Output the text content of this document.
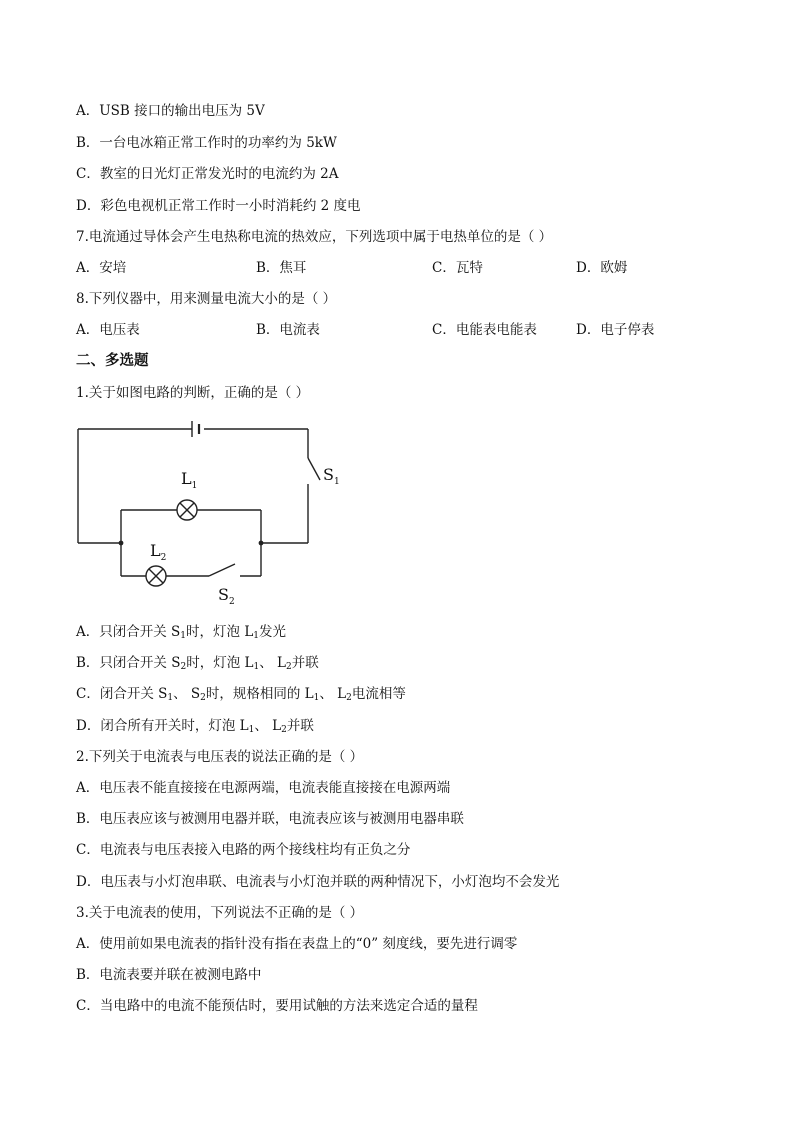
A．USB 接口的输出电压为 5V
B．一台电冰箱正常工作时的功率约为 5kW
C．教室的日光灯正常发光时的电流约为 2A
D．彩色电视机正常工作时一小时消耗约 2 度电
7.电流通过导体会产生电热称电流的热效应，下列选项中属于电热单位的是（ ）
A．安培	B．焦耳	C．瓦特	D．欧姆
8.下列仪器中，用来测量电流大小的是（ ）
A．电压表	B．电流表	C．电能表电能表	D．电子停表
二、多选题
1.关于如图电路的判断，正确的是（ ）
$L_1$
$L_2$
$S_1$
$S_2$
A．只闭合开关 $S_1$时，灯泡 $L_1$发光
B．只闭合开关 $S_2$时，灯泡 $L_1$、 $L_2$并联
C．闭合开关 $S_1$、 $S_2$时，规格相同的 $L_1$、 $L_2$电流相等
D．闭合所有开关时，灯泡 $L_1$、 $L_2$并联
2.下列关于电流表与电压表的说法正确的是（ ）
A．电压表不能直接接在电源两端，电流表能直接接在电源两端
B．电压表应该与被测用电器并联，电流表应该与被测用电器串联
C．电流表与电压表接入电路的两个接线柱均有正负之分
D．电压表与小灯泡串联、电流表与小灯泡并联的两种情况下，小灯泡均不会发光
3.关于电流表的使用，下列说法不正确的是（ ）
A．使用前如果电流表的指针没有指在表盘上的“0” 刻度线，要先进行调零
B．电流表要并联在被测电路中
C．当电路中的电流不能预估时，要用试触的方法来选定合适的量程
